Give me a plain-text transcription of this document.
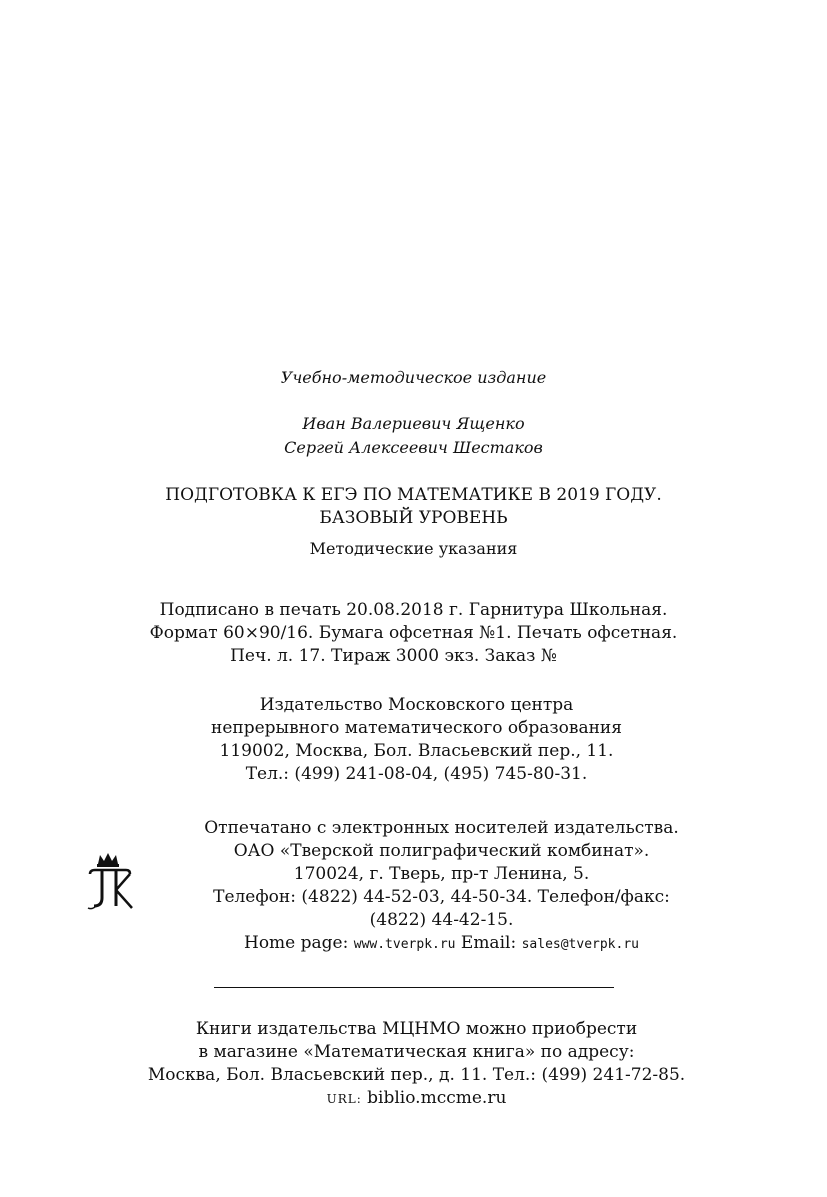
Учебно-методическое издание
Иван Валериевич Ященко
Сергей Алексеевич Шестаков
ПОДГОТОВКА К ЕГЭ ПО МАТЕМАТИКЕ В 2019 ГОДУ.
БАЗОВЫЙ УРОВЕНЬ
Методические указания
Подписано в печать 20.08.2018 г. Гарнитура Школьная.
Формат 60×90/16. Бумага офсетная №1. Печать офсетная.
Печ. л. 17. Тираж 3000 экз. Заказ №
Издательство Московского центра
непрерывного математического образования
119002, Москва, Бол. Власьевский пер., 11.
Тел.: (499) 241-08-04, (495) 745-80-31.
Отпечатано с электронных носителей издательства.
ОАО «Тверской полиграфический комбинат».
170024, г. Тверь, пр-т Ленина, 5.
Телефон: (4822) 44-52-03, 44-50-34. Телефон/факс:
(4822) 44-42-15.
Home page: www.tverpk.ru Email: sales@tverpk.ru
Книги издательства МЦНМО можно приобрести
в магазине «Математическая книга» по адресу:
Москва, Бол. Власьевский пер., д. 11. Тел.: (499) 241-72-85.
URL: biblio.mccme.ru
